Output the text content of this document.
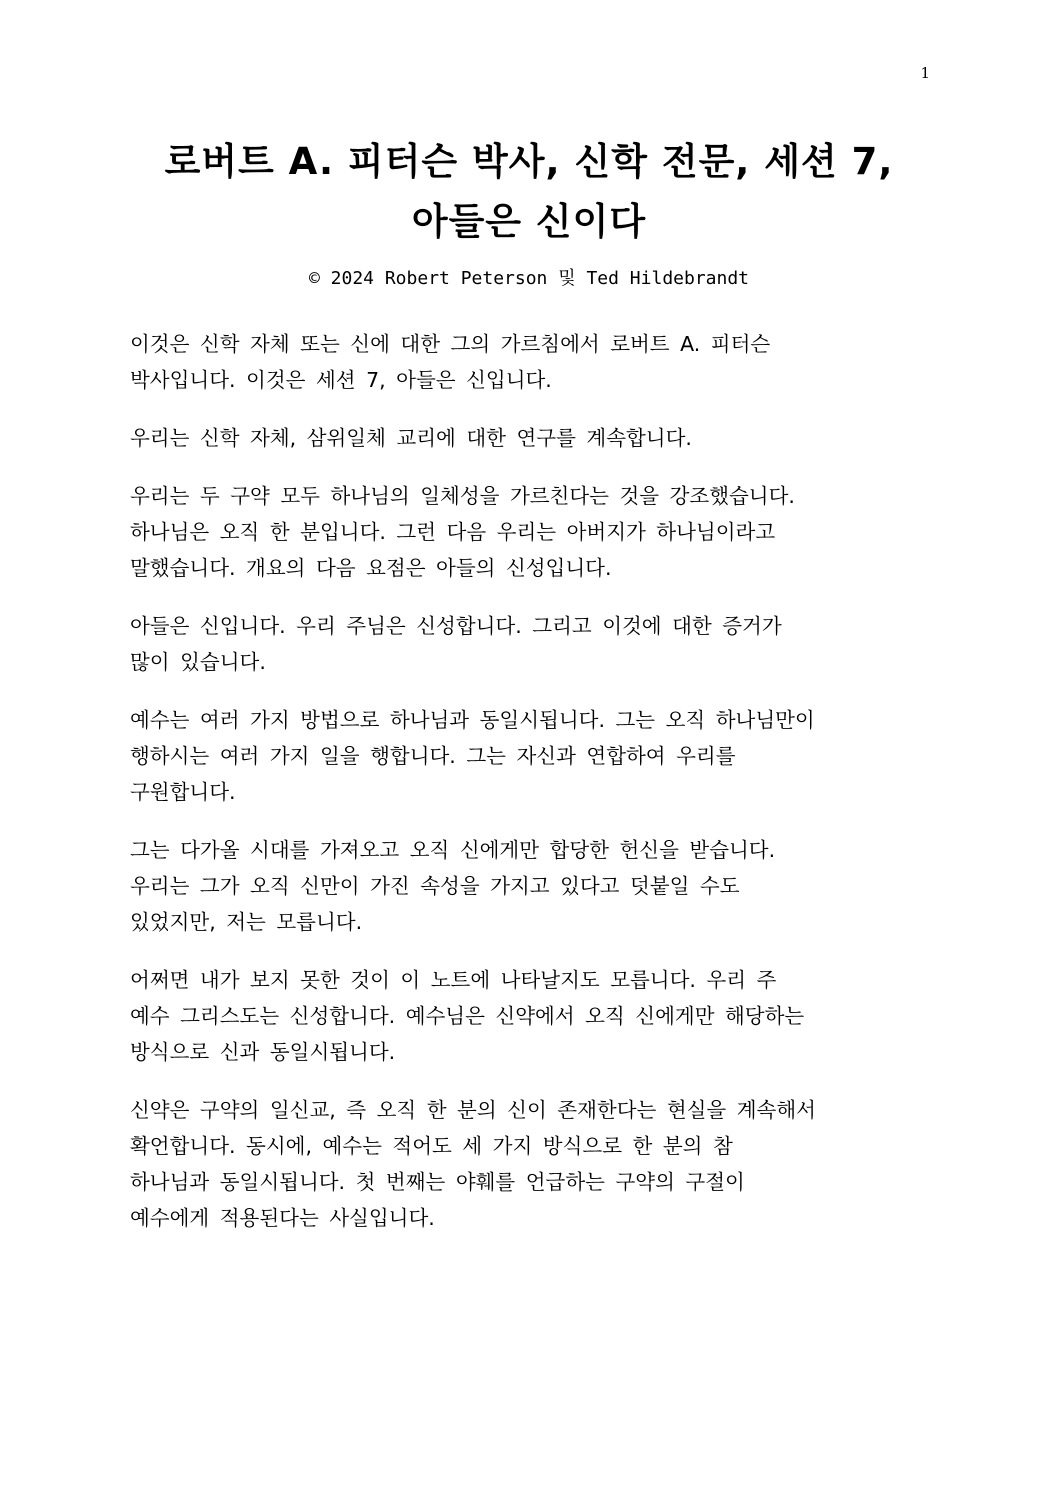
1
로버트 A. 피터슨 박사, 신학 전문, 세션 7,
아들은 신이다
© 2024 Robert Peterson 및 Ted Hildebrandt

이것은 신학 자체 또는 신에 대한 그의 가르침에서 로버트 A. 피터슨
박사입니다. 이것은 세션 7, 아들은 신입니다.

우리는 신학 자체, 삼위일체 교리에 대한 연구를 계속합니다.

우리는 두 구약 모두 하나님의 일체성을 가르친다는 것을 강조했습니다.
하나님은 오직 한 분입니다. 그런 다음 우리는 아버지가 하나님이라고
말했습니다. 개요의 다음 요점은 아들의 신성입니다.

아들은 신입니다. 우리 주님은 신성합니다. 그리고 이것에 대한 증거가
많이 있습니다.

예수는 여러 가지 방법으로 하나님과 동일시됩니다. 그는 오직 하나님만이
행하시는 여러 가지 일을 행합니다. 그는 자신과 연합하여 우리를
구원합니다.

그는 다가올 시대를 가져오고 오직 신에게만 합당한 헌신을 받습니다.
우리는 그가 오직 신만이 가진 속성을 가지고 있다고 덧붙일 수도
있었지만, 저는 모릅니다.

어쩌면 내가 보지 못한 것이 이 노트에 나타날지도 모릅니다. 우리 주
예수 그리스도는 신성합니다. 예수님은 신약에서 오직 신에게만 해당하는
방식으로 신과 동일시됩니다.

신약은 구약의 일신교, 즉 오직 한 분의 신이 존재한다는 현실을 계속해서
확언합니다. 동시에, 예수는 적어도 세 가지 방식으로 한 분의 참
하나님과 동일시됩니다. 첫 번째는 야훼를 언급하는 구약의 구절이
예수에게 적용된다는 사실입니다.
